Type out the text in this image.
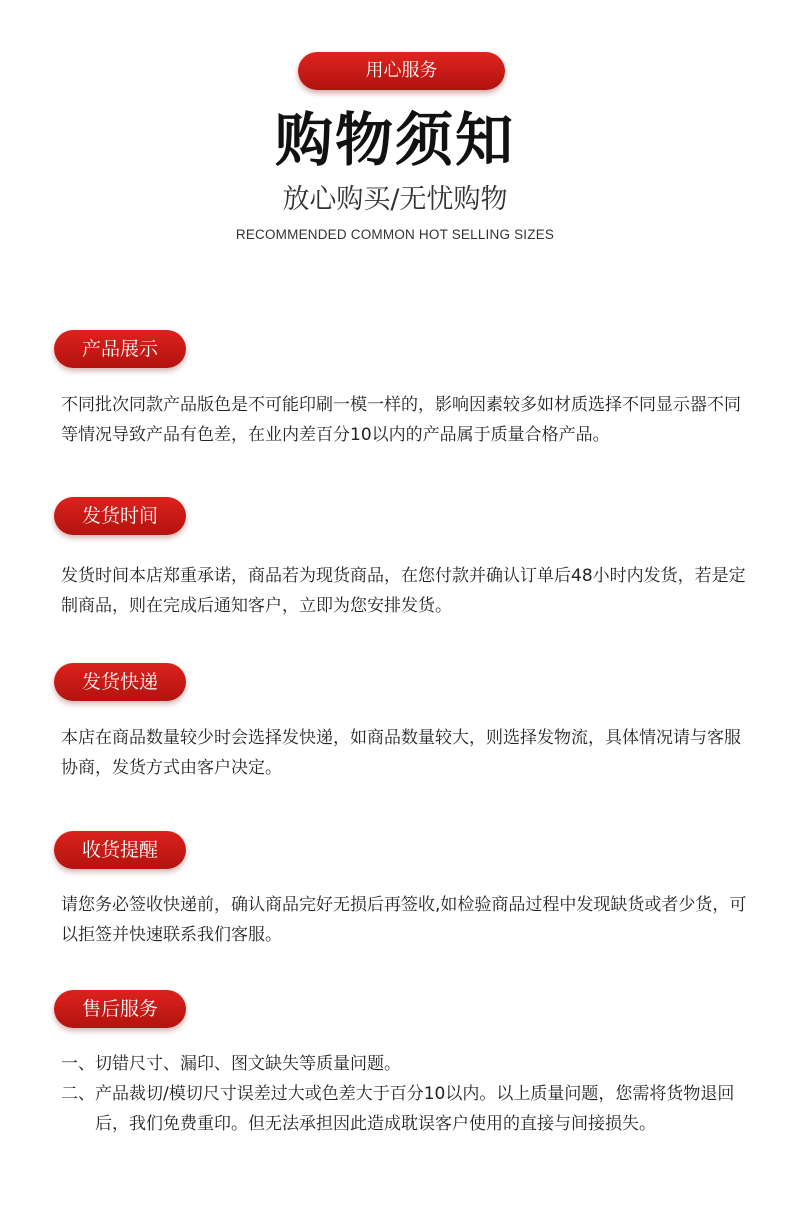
用心服务
购物须知
放心购买/无忧购物
RECOMMENDED COMMON HOT SELLING SIZES
产品展示

不同批次同款产品版色是不可能印刷一模一样的，影响因素较多如材质选择不同显示器不同等情况导致产品有色差，在业内差百分10以内的产品属于质量合格产品。

发货时间

发货时间本店郑重承诺，商品若为现货商品，在您付款并确认订单后48小时内发货，若是定制商品，则在完成后通知客户，立即为您安排发货。

发货快递

本店在商品数量较少时会选择发快递，如商品数量较大，则选择发物流，具体情况请与客服协商，发货方式由客户决定。

收货提醒

请您务必签收快递前，确认商品完好无损后再签收,如检验商品过程中发现缺货或者少货，可以拒签并快速联系我们客服。

售后服务
一、 切错尺寸、漏印、图文缺失等质量问题。
二、 产品裁切/模切尺寸误差过大或色差大于百分10以内。以上质量问题，您需将货物退回后，我们免费重印。但无法承担因此造成耽误客户使用的直接与间接损失。
